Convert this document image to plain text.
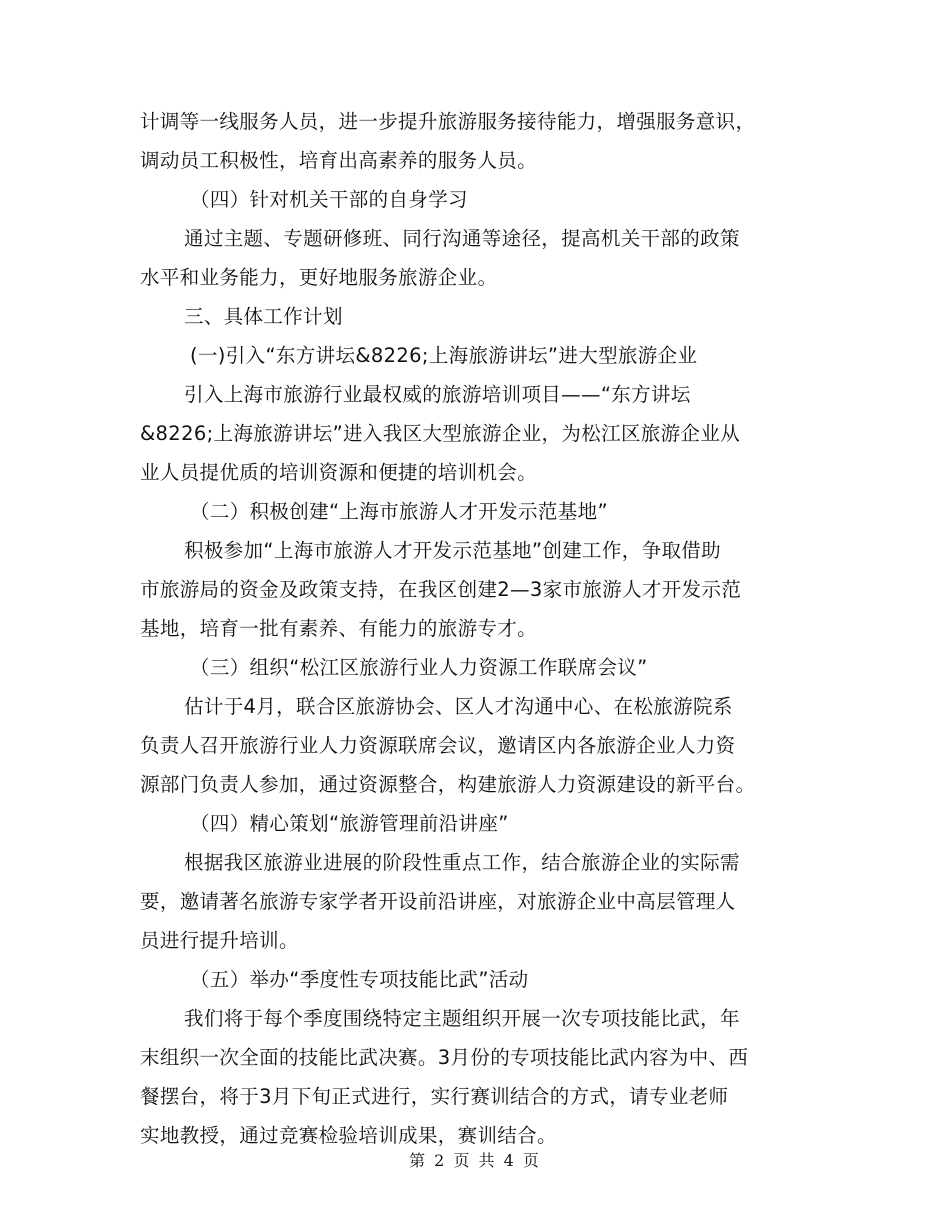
计调等一线服务人员，进一步提升旅游服务接待能力，增强服务意识，
调动员工积极性，培育出高素养的服务人员。
（四）针对机关干部的自身学习
通过主题、专题研修班、同行沟通等途径，提高机关干部的政策
水平和业务能力，更好地服务旅游企业。
三、具体工作计划
(一)引入“东方讲坛&8226;上海旅游讲坛”进大型旅游企业
引入上海市旅游行业最权威的旅游培训项目——“东方讲坛
&8226;上海旅游讲坛”进入我区大型旅游企业，为松江区旅游企业从
业人员提优质的培训资源和便捷的培训机会。
（二）积极创建“上海市旅游人才开发示范基地”
积极参加“上海市旅游人才开发示范基地”创建工作，争取借助
市旅游局的资金及政策支持，在我区创建2—3家市旅游人才开发示范
基地，培育一批有素养、有能力的旅游专才。
（三）组织“松江区旅游行业人力资源工作联席会议”
估计于4月，联合区旅游协会、区人才沟通中心、在松旅游院系
负责人召开旅游行业人力资源联席会议，邀请区内各旅游企业人力资
源部门负责人参加，通过资源整合，构建旅游人力资源建设的新平台。
（四）精心策划“旅游管理前沿讲座”
根据我区旅游业进展的阶段性重点工作，结合旅游企业的实际需
要，邀请著名旅游专家学者开设前沿讲座，对旅游企业中高层管理人
员进行提升培训。
（五）举办“季度性专项技能比武”活动
我们将于每个季度围绕特定主题组织开展一次专项技能比武，年
末组织一次全面的技能比武决赛。3月份的专项技能比武内容为中、西
餐摆台，将于3月下旬正式进行，实行赛训结合的方式，请专业老师
实地教授，通过竞赛检验培训成果，赛训结合。
第 2 页 共 4 页
